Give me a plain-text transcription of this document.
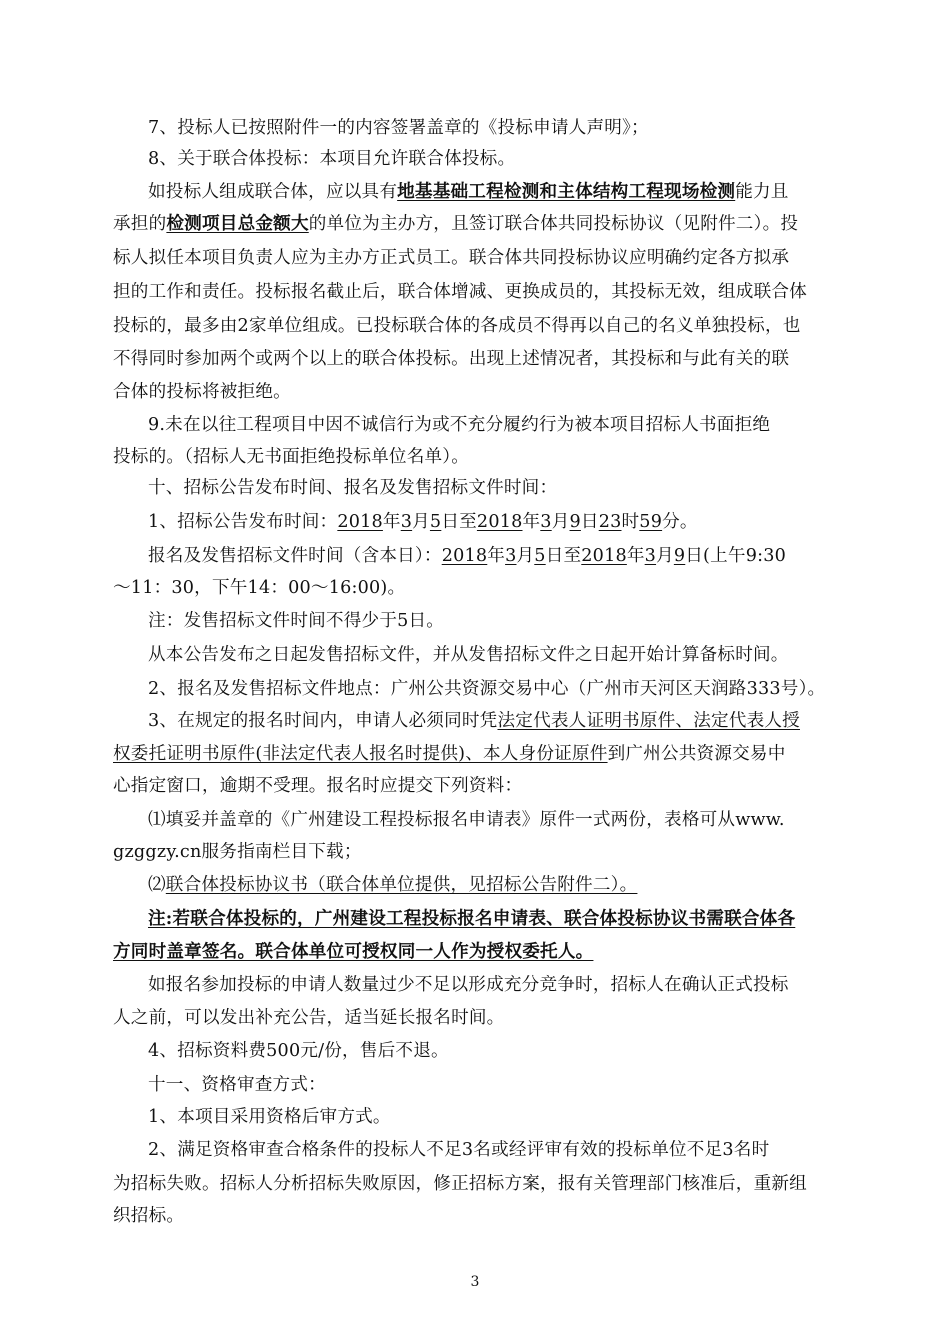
7、投标人已按照附件一的内容签署盖章的《投标申请人声明》；
8、关于联合体投标：本项目允许联合体投标。
如投标人组成联合体，应以具有地基基础工程检测和主体结构工程现场检测能力且
承担的检测项目总金额大的单位为主办方，且签订联合体共同投标协议（见附件二）。投
标人拟任本项目负责人应为主办方正式员工。联合体共同投标协议应明确约定各方拟承
担的工作和责任。投标报名截止后，联合体增减、更换成员的，其投标无效，组成联合体
投标的，最多由2家单位组成。已投标联合体的各成员不得再以自己的名义单独投标，也
不得同时参加两个或两个以上的联合体投标。出现上述情况者，其投标和与此有关的联
合体的投标将被拒绝。
9.未在以往工程项目中因不诚信行为或不充分履约行为被本项目招标人书面拒绝
投标的。（招标人无书面拒绝投标单位名单）。
十、招标公告发布时间、报名及发售招标文件时间：
1、招标公告发布时间：2018年3月5日至2018年3月9日23时59分。
报名及发售招标文件时间（含本日）：2018年3月5日至2018年3月9日(上午9:30
～11：30，下午14：00～16:00)。
注：发售招标文件时间不得少于5日。
从本公告发布之日起发售招标文件，并从发售招标文件之日起开始计算备标时间。
2、报名及发售招标文件地点：广州公共资源交易中心（广州市天河区天润路333号）。
3、在规定的报名时间内，申请人必须同时凭法定代表人证明书原件、法定代表人授
权委托证明书原件(非法定代表人报名时提供)、本人身份证原件到广州公共资源交易中
心指定窗口，逾期不受理。报名时应提交下列资料：
⑴填妥并盖章的《广州建设工程投标报名申请表》原件一式两份，表格可从www.
gzggzy.cn服务指南栏目下载；
⑵联合体投标协议书（联合体单位提供，见招标公告附件二）。
注:若联合体投标的，广州建设工程投标报名申请表、联合体投标协议书需联合体各
方同时盖章签名。联合体单位可授权同一人作为授权委托人。
如报名参加投标的申请人数量过少不足以形成充分竞争时，招标人在确认正式投标
人之前，可以发出补充公告，适当延长报名时间。
4、招标资料费500元/份，售后不退。
十一、资格审查方式：
1、本项目采用资格后审方式。
2、满足资格审查合格条件的投标人不足3名或经评审有效的投标单位不足3名时
为招标失败。招标人分析招标失败原因，修正招标方案，报有关管理部门核准后，重新组
织招标。
3
